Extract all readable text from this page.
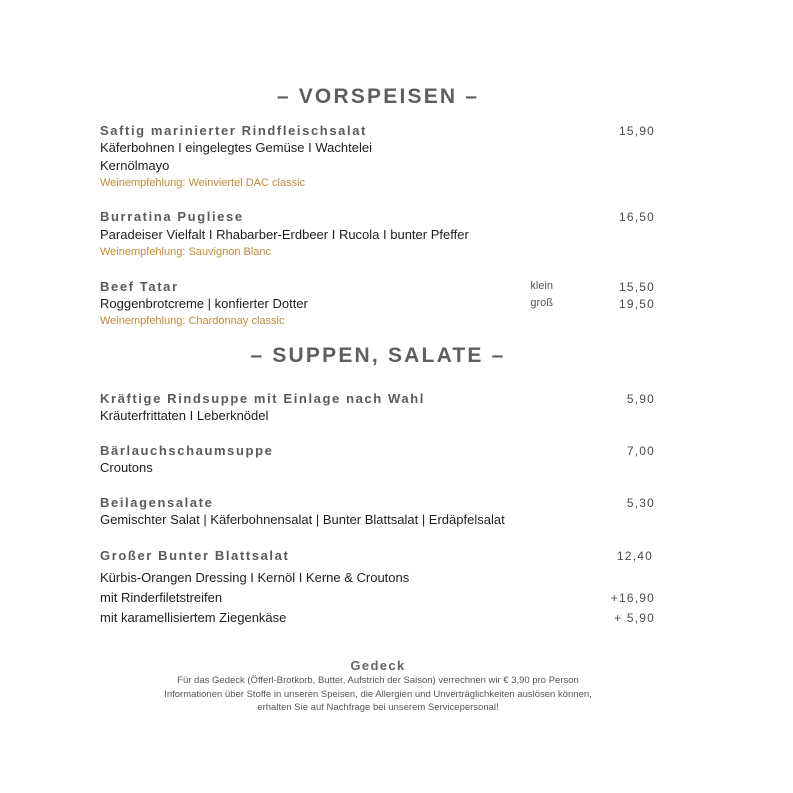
– VORSPEISEN –
Saftig marinierter Rindfleischsalat	15,90
Käferbohnen I eingelegtes Gemüse I Wachtelei
Kernölmayo
Weinempfehlung: Weinviertel DAC classic
Burratina Pugliese	16,50
Paradeiser Vielfalt I Rhabarber-Erdbeer I Rucola I bunter Pfeffer
Weinempfehlung: Sauvignon Blanc
Beef Tatar	klein	15,50
Roggenbrotcreme | konfierter Dotter	groß	19,50
Weinempfehlung: Chardonnay classic
– SUPPEN, SALATE –
Kräftige Rindsuppe mit Einlage nach Wahl	5,90
Kräuterfrittaten I Leberknödel
Bärlauchschaumsuppe	7,00
Croutons
Beilagensalate	5,30
Gemischter Salat | Käferbohnensalat | Bunter Blattsalat | Erdäpfelsalat
Großer Bunter Blattsalat	12,40
Kürbis-Orangen Dressing I Kernöl I Kerne & Croutons
mit Rinderfiletstreifen	+16,90
mit karamellisiertem Ziegenkäse	+ 5,90
Gedeck
Für das Gedeck (Öfferl-Brotkorb, Butter, Aufstrich der Saison) verrechnen wir € 3,90 pro Person
Informationen über Stoffe in unseren Speisen, die Allergien und Unverträglichkeiten auslösen können,
erhalten Sie auf Nachfrage bei unserem Servicepersonal!
